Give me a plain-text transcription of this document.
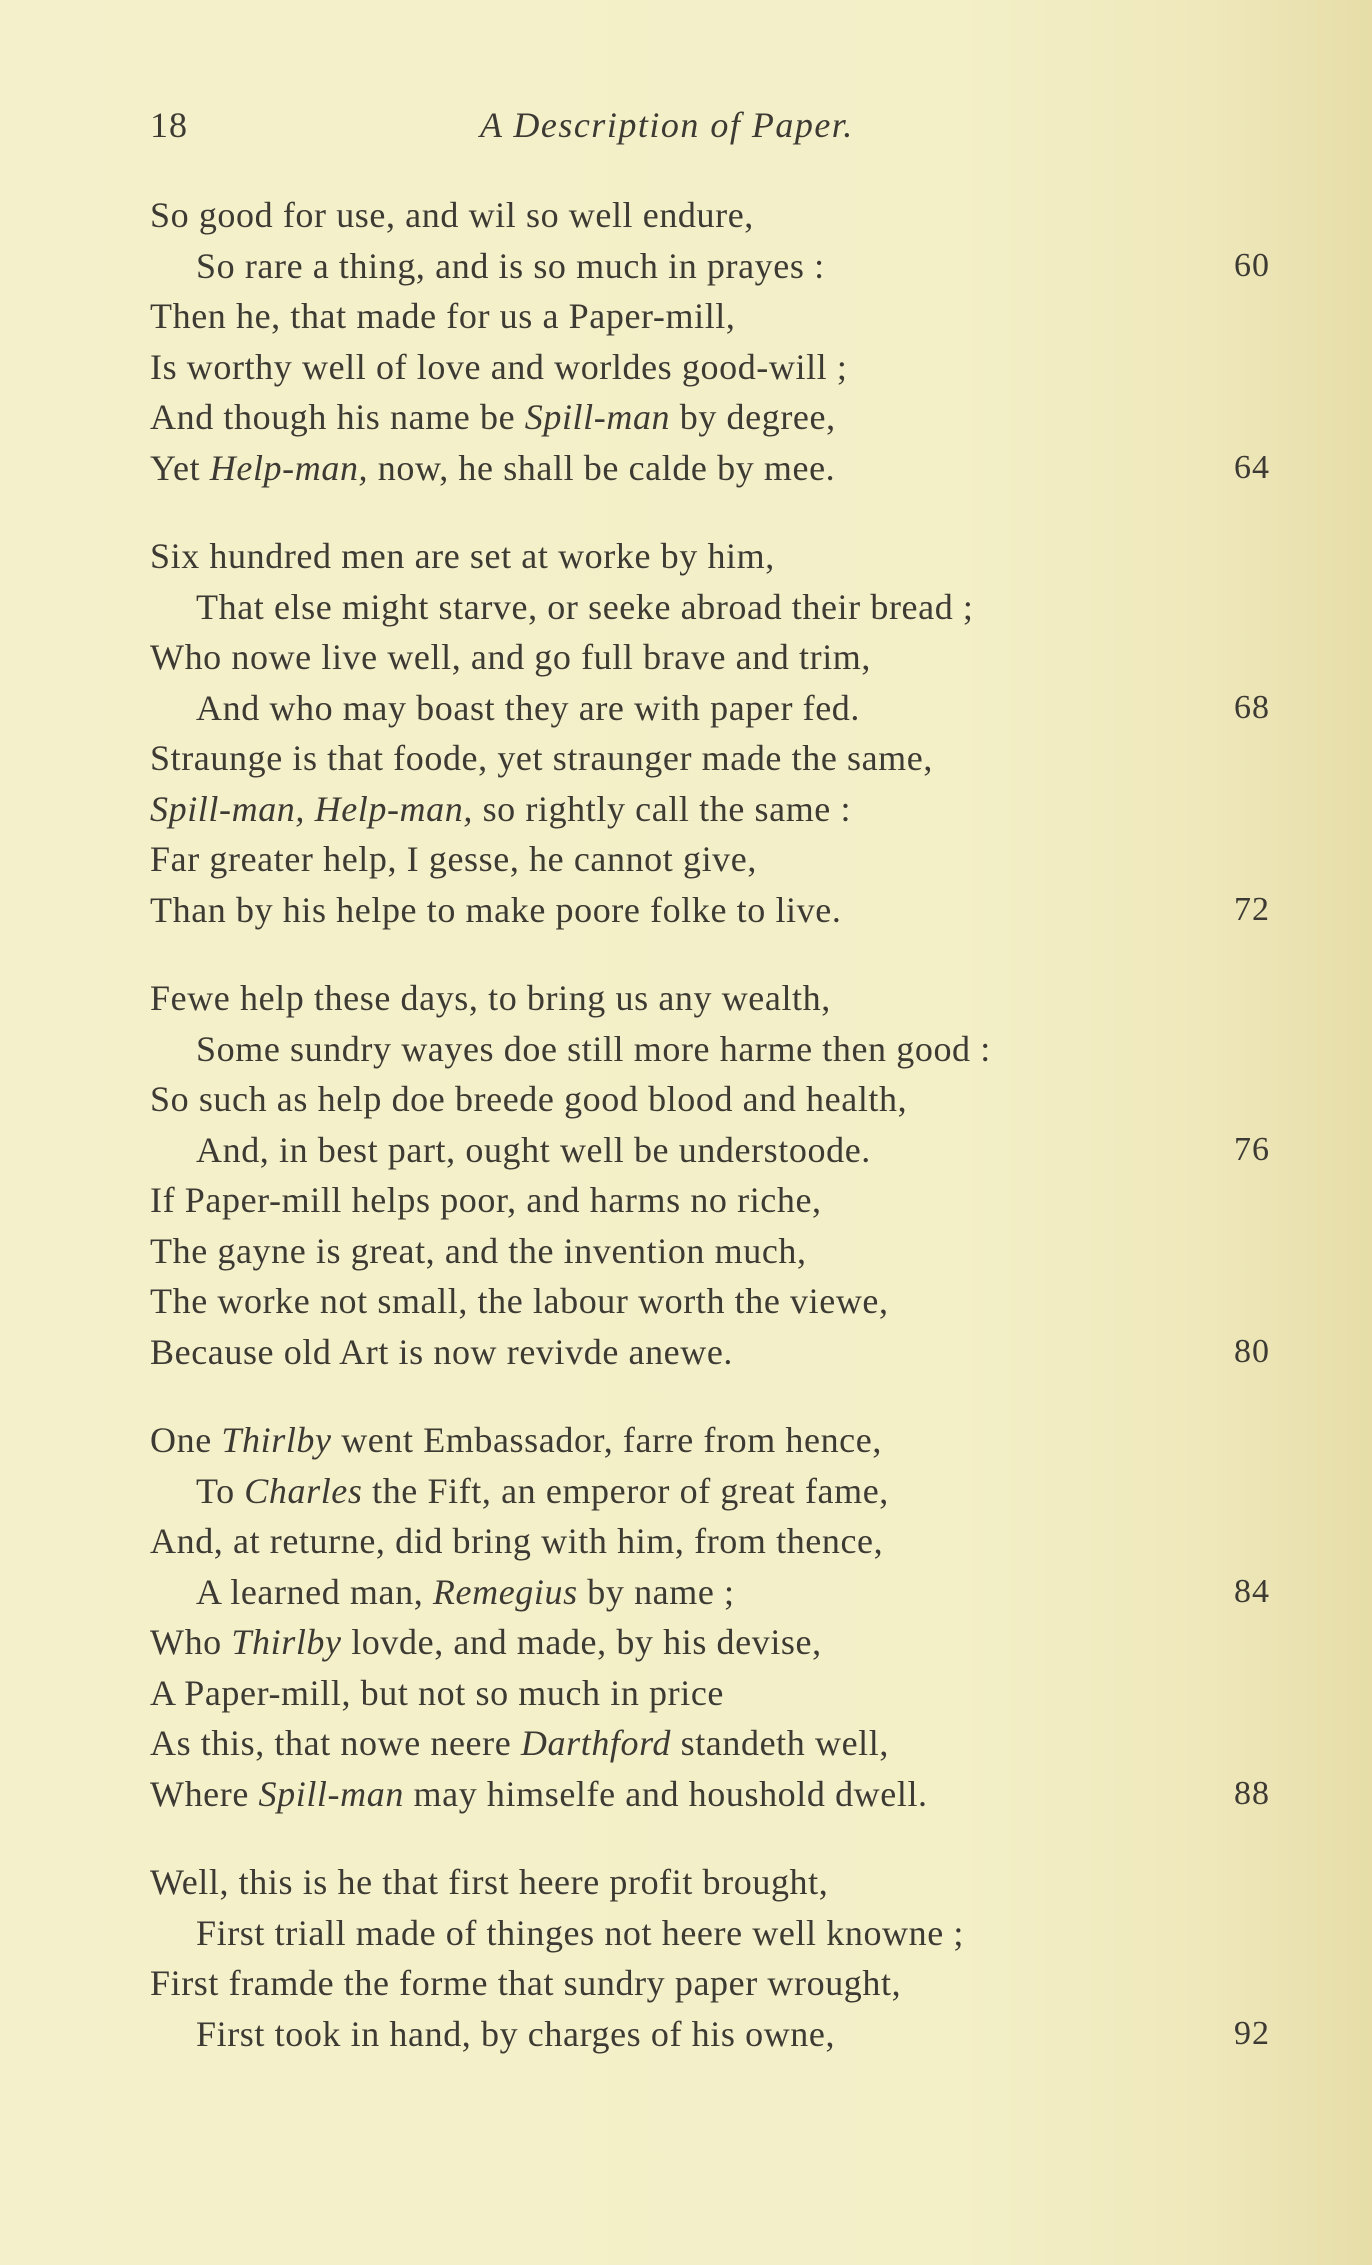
18	A Description of Paper.
So good for use, and wil so well endure,
So rare a thing, and is so much in prayes :	60
Then he, that made for us a Paper-mill,
Is worthy well of love and worldes good-will ;
And though his name be Spill-man by degree,
Yet Help-man, now, he shall be calde by mee.	64
Six hundred men are set at worke by him,
That else might starve, or seeke abroad their bread ;
Who nowe live well, and go full brave and trim,
And who may boast they are with paper fed.	68
Straunge is that foode, yet straunger made the same,
Spill-man, Help-man, so rightly call the same :
Far greater help, I gesse, he cannot give,
Than by his helpe to make poore folke to live.	72
Fewe help these days, to bring us any wealth,
Some sundry wayes doe still more harme then good :
So such as help doe breede good blood and health,
And, in best part, ought well be understoode.	76
If Paper-mill helps poor, and harms no riche,
The gayne is great, and the invention much,
The worke not small, the labour worth the viewe,
Because old Art is now revivde anewe.	80
One Thirlby went Embassador, farre from hence,
To Charles the Fift, an emperor of great fame,
And, at returne, did bring with him, from thence,
A learned man, Remegius by name ;	84
Who Thirlby lovde, and made, by his devise,
A Paper-mill, but not so much in price
As this, that nowe neere Darthford standeth well,
Where Spill-man may himselfe and houshold dwell.	88
Well, this is he that first heere profit brought,
First triall made of thinges not heere well knowne ;
First framde the forme that sundry paper wrought,
First took in hand, by charges of his owne,	92
